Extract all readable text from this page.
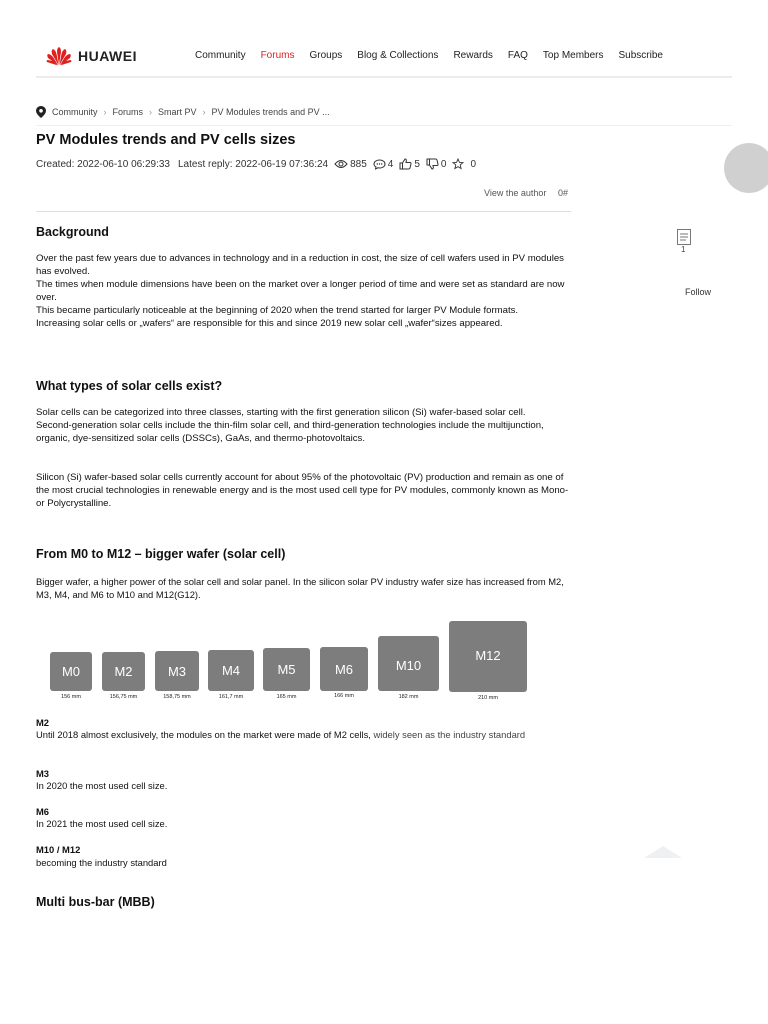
HUAWEI	Community Forums Groups Blog & Collections Rewards FAQ Top Members Subscribe
Community › Forums › Smart PV › PV Modules trends and PV ...
PV Modules trends and PV cells sizes
Created: 2022-06-10 06:29:33 Latest reply: 2022-06-19 07:36:24 885 4 5 0 0
View the author 0#
1
Follow
Background

Over the past few years due to advances in technology and in a reduction in cost, the size of cell wafers used in PV modules has evolved.

The times when module dimensions have been on the market over a longer period of time and were set as standard are now over.

This became particularly noticeable at the beginning of 2020 when the trend started for larger PV Module formats.

Increasing solar cells or „wafers“ are responsible for this and since 2019 new solar cell „wafer“sizes appeared.

What types of solar cells exist?

Solar cells can be categorized into three classes, starting with the first generation silicon (Si) wafer-based solar cell.

Second-generation solar cells include the thin-film solar cell, and third-generation technologies include the multijunction, organic, dye-sensitized solar cells (DSSCs), GaAs, and thermo-photovoltaics.

Silicon (Si) wafer-based solar cells currently account for about 95% of the photovoltaic (PV) production and remain as one of the most crucial technologies in renewable energy and is the most used cell type for PV modules, commonly known as Mono- or Polycrystalline.
From M0 to M12 – bigger wafer (solar cell)
Bigger wafer, a higher power of the solar cell and solar panel. In the silicon solar PV industry wafer size has increased from M2, M3, M4, and M6 to M10 and M12(G12).
M0
156 mm
M2
156,75 mm
M3
158,75 mm
M4
161,7 mm
M5
165 mm
M6
166 mm
M10
182 mm
M12
210 mm
M2
Until 2018 almost exclusively, the modules on the market were made of M2 cells, widely seen as the industry standard
M3
In 2020 the most used cell size.
M6
In 2021 the most used cell size.
M10 / M12
becoming the industry standard
Multi bus-bar (MBB)
